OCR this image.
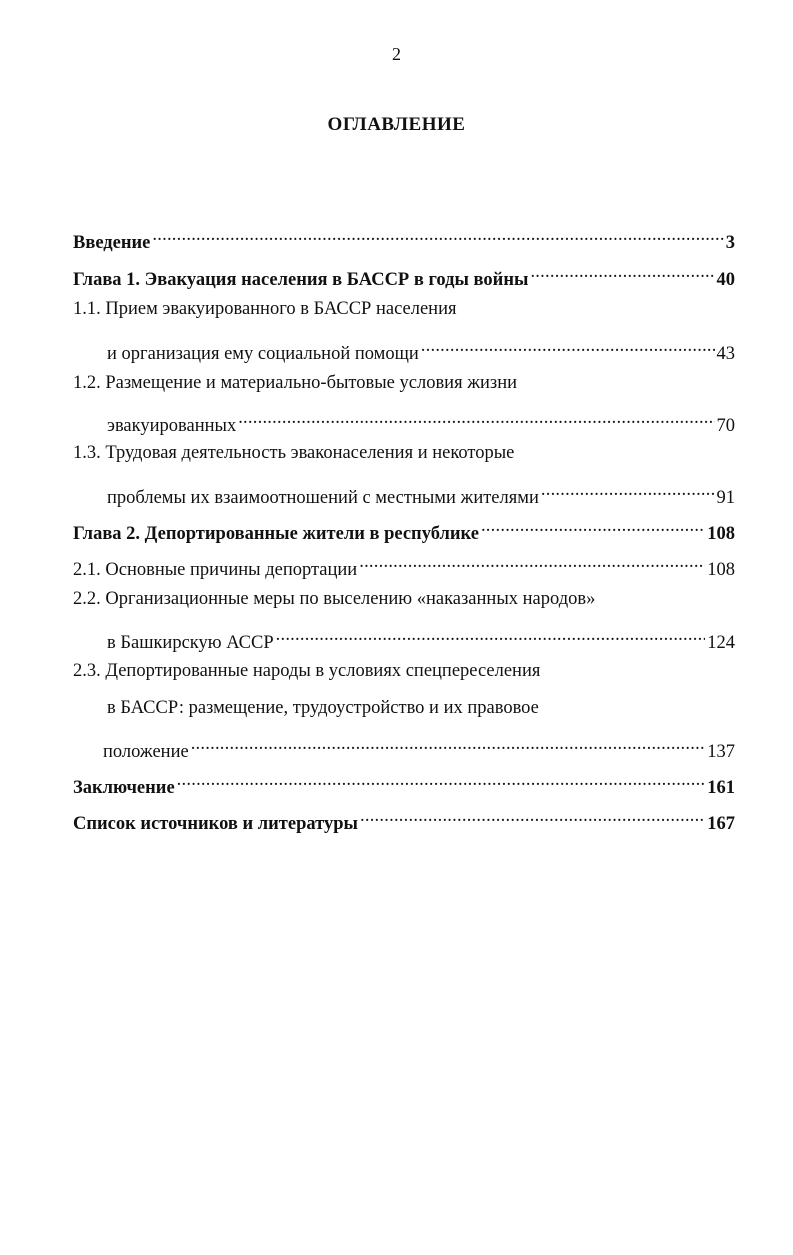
2
ОГЛАВЛЕНИЕ
Введение . . .	3
Глава 1. Эвакуация населения в БАССР в годы войны . . .	40
1.1. Прием эвакуированного в БАССР населения
и организация ему социальной помощи . . .	43
1.2. Размещение и материально-бытовые условия жизни
эвакуированных . . .	70
1.3. Трудовая деятельность эваконаселения и некоторые
проблемы их взаимоотношений с местными жителями . . .	91
Глава 2. Депортированные жители в республике . . .	108
2.1. Основные причины депортации . . .	108
2.2. Организационные меры по выселению «наказанных народов»
в Башкирскую АССР . . .	124
2.3. Депортированные народы в условиях спецпереселения
в БАССР: размещение, трудоустройство и их правовое
положение . . .	137
Заключение . . .	161
Список источников и литературы . . .	167
